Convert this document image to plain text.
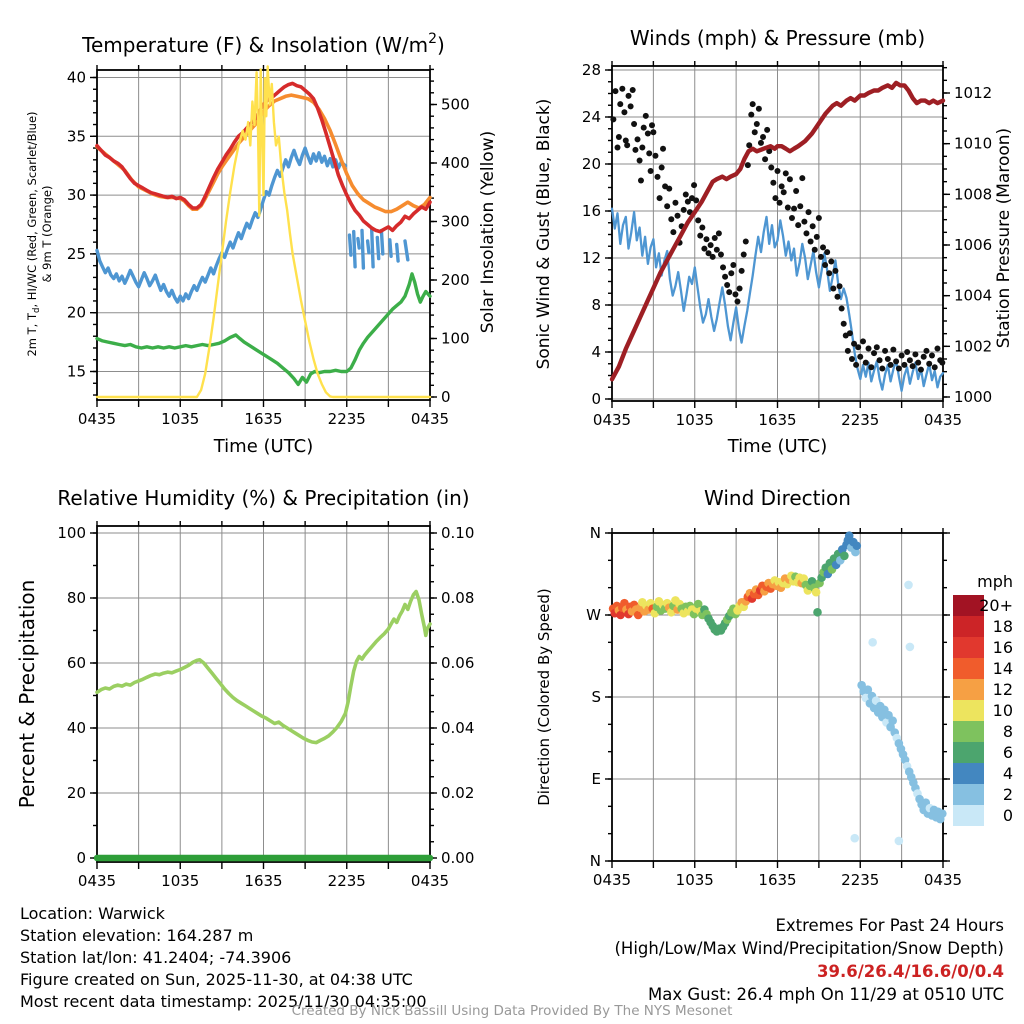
0435	1035	1635	2235	0435
15
20
25
30
35
40
0
100
200
300
400
500
Temperature (F) & Insolation $(W/m^2)$
Time (UTC)
2m T, $T_d$, HI/WC (Red, Green, Scarlet/Blue) & 9m T (Orange)	Solar Insolation (Yellow)
0435	1035	1635	2235	0435
0
4
8
12
16
20
24
28
1000
1002
1004
1006
1008
1010
1012
Winds (mph) & Pressure (mb)
Time (UTC)
Sonic Wind & Gust (Blue, Black)	Station Pressure (Maroon)
0435	1035	1635	2235	0435
0
20
40
60
80
100
0.00
0.02
0.04
0.06
0.08
0.10
Relative Humidity (%) & Precipitation (in)
Percent & Precipitation
0435	1035	1635	2235	0435
N
W
S
E
N
Wind Direction
Direction (Colored By Speed)
mph
20+
18
16
14
12
10
8
6
4
2
0
Location: Warwick
Station elevation: 164.287 m
Station lat/lon: 41.2404; -74.3906
Figure created on Sun, 2025-11-30, at 04:38 UTC
Most recent data timestamp: 2025/11/30 04:35:00
Extremes For Past 24 Hours
(High/Low/Max Wind/Precipitation/Snow Depth)
39.6/26.4/16.6/0/0.4
Max Gust: 26.4 mph On 11/29 at 0510 UTC
Created By Nick Bassill Using Data Provided By The NYS Mesonet
